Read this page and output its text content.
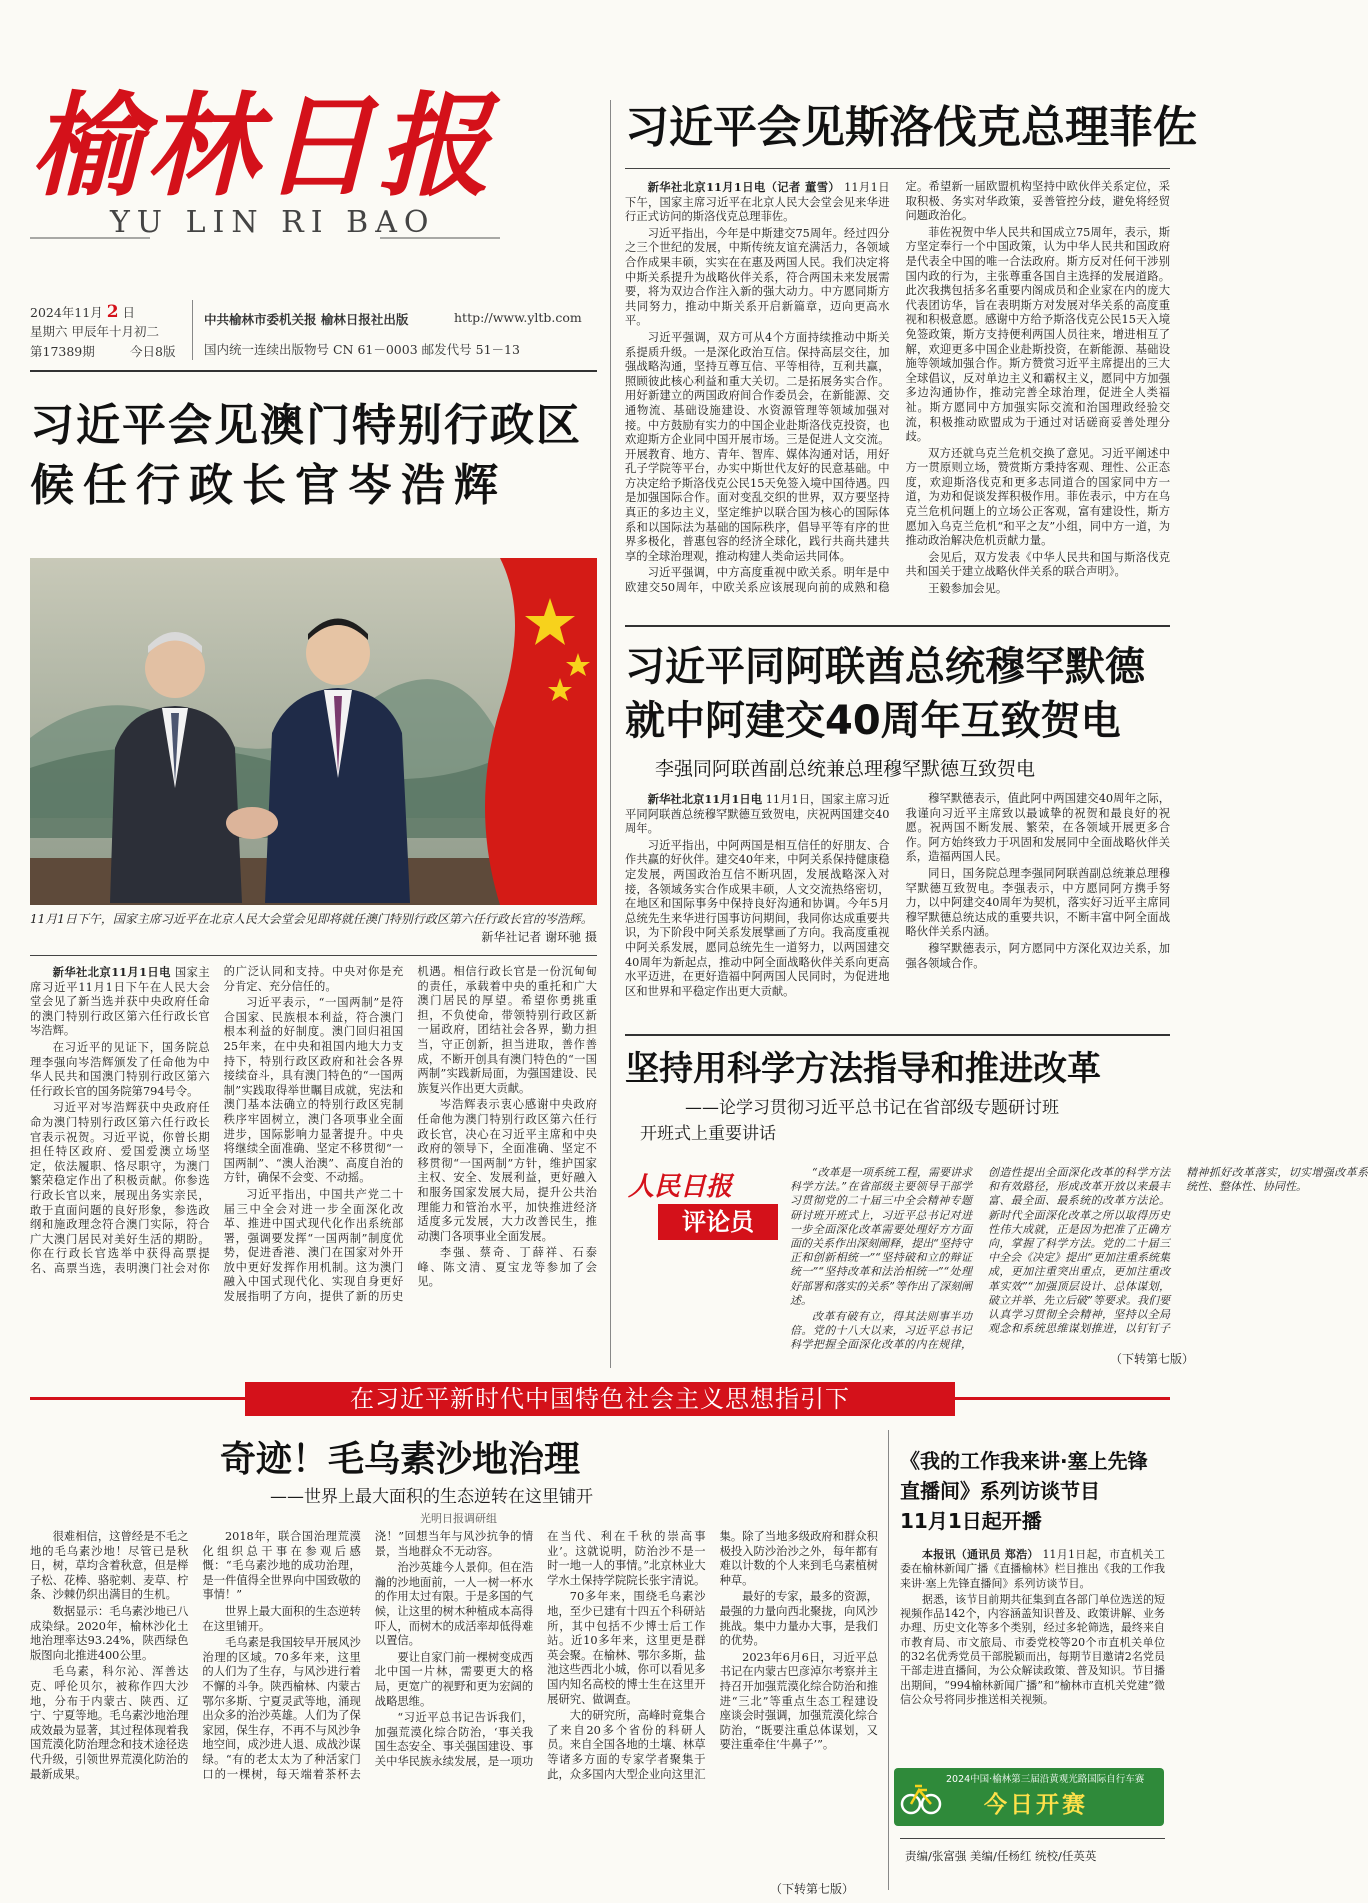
榆林日报
YU LIN RI BAO
2024年11月 2 日
星期六 甲辰年十月初二
第17389期	今日8版
中共榆林市委机关报 榆林日报社出版	http://www.yltb.com
国内统一连续出版物号 CN 61－0003 邮发代号 51－13
习近平会见斯洛伐克总理菲佐

新华社北京11月1日电（记者 董雪） 11月1日下午，国家主席习近平在北京人民大会堂会见来华进行正式访问的斯洛伐克总理菲佐。

习近平指出，今年是中斯建交75周年。经过四分之三个世纪的发展，中斯传统友谊充满活力，各领域合作成果丰硕，实实在在惠及两国人民。我们决定将中斯关系提升为战略伙伴关系，符合两国未来发展需要，将为双边合作注入新的强大动力。中方愿同斯方共同努力，推动中斯关系开启新篇章，迈向更高水平。

习近平强调，双方可从4个方面持续推动中斯关系提质升级。一是深化政治互信。保持高层交往，加强战略沟通，坚持互尊互信、平等相待，互利共赢，照顾彼此核心利益和重大关切。二是拓展务实合作。用好新建立的两国政府间合作委员会，在新能源、交通物流、基础设施建设、水资源管理等领域加强对接。中方鼓励有实力的中国企业赴斯洛伐克投资，也欢迎斯方企业同中国开展市场。三是促进人文交流。开展教育、地方、青年、智库、媒体沟通对话，用好孔子学院等平台，办实中斯世代友好的民意基础。中方决定给予斯洛伐克公民15天免签入境中国待遇。四是加强国际合作。面对变乱交织的世界，双方要坚持真正的多边主义，坚定维护以联合国为核心的国际体系和以国际法为基础的国际秩序，倡导平等有序的世界多极化，普惠包容的经济全球化，践行共商共建共享的全球治理观，推动构建人类命运共同体。

习近平强调，中方高度重视中欧关系。明年是中欧建交50周年，中欧关系应该展现向前的成熟和稳定。希望新一届欧盟机构坚持中欧伙伴关系定位，采取积极、务实对华政策，妥善管控分歧，避免将经贸问题政治化。

菲佐祝贺中华人民共和国成立75周年，表示，斯方坚定奉行一个中国政策，认为中华人民共和国政府是代表全中国的唯一合法政府。斯方反对任何干涉别国内政的行为，主张尊重各国自主选择的发展道路。此次我携包括多名重要内阁成员和企业家在内的庞大代表团访华，旨在表明斯方对发展对华关系的高度重视和积极意愿。感谢中方给予斯洛伐克公民15天入境免签政策，斯方支持便利两国人员往来，增进相互了解，欢迎更多中国企业赴斯投资，在新能源、基础设施等领域加强合作。斯方赞赏习近平主席提出的三大全球倡议，反对单边主义和霸权主义，愿同中方加强多边沟通协作，推动完善全球治理，促进全人类福祉。斯方愿同中方加强实际交流和治国理政经验交流，积极推动欧盟成为于通过对话磋商妥善处理分歧。

双方还就乌克兰危机交换了意见。习近平阐述中方一贯原则立场，赞赏斯方秉持客观、理性、公正态度，欢迎斯洛伐克和更多志同道合的国家同中方一道，为劝和促谈发挥积极作用。菲佐表示，中方在乌克兰危机问题上的立场公正客观，富有建设性，斯方愿加入乌克兰危机“和平之友”小组，同中方一道，为推动政治解决危机贡献力量。

会见后，双方发表《中华人民共和国与斯洛伐克共和国关于建立战略伙伴关系的联合声明》。

王毅参加会见。

习近平会见澳门特别行政区
候任行政长官岑浩辉
11月1日下午，国家主席习近平在北京人民大会堂会见即将就任澳门特别行政区第六任行政长官的岑浩辉。
新华社记者 谢环驰 摄

新华社北京11月1日电 国家主席习近平11月1日下午在人民大会堂会见了新当选并获中央政府任命的澳门特别行政区第六任行政长官岑浩辉。

在习近平的见证下，国务院总理李强向岑浩辉颁发了任命他为中华人民共和国澳门特别行政区第六任行政长官的国务院第794号令。

习近平对岑浩辉获中央政府任命为澳门特别行政区第六任行政长官表示祝贺。习近平说，你曾长期担任特区政府、爱国爱澳立场坚定，依法履职、恪尽职守，为澳门繁荣稳定作出了积极贡献。你参选行政长官以来，展现出务实亲民，敢于直面问题的良好形象，参选政纲和施政理念符合澳门实际，符合广大澳门居民对美好生活的期盼。你在行政长官选举中获得高票提名、高票当选，表明澳门社会对你的广泛认同和支持。中央对你是充分肯定、充分信任的。

习近平表示，“一国两制”是符合国家、民族根本利益，符合澳门根本利益的好制度。澳门回归祖国25年来，在中央和祖国内地大力支持下，特别行政区政府和社会各界接续奋斗，具有澳门特色的“一国两制”实践取得举世瞩目成就，宪法和澳门基本法确立的特别行政区宪制秩序牢固树立，澳门各项事业全面进步，国际影响力显著提升。中央将继续全面准确、坚定不移贯彻“一国两制”、“澳人治澳”、高度自治的方针，确保不会变、不动摇。

习近平指出，中国共产党二十届三中全会对进一步全面深化改革、推进中国式现代化作出系统部署，强调要发挥“一国两制”制度优势，促进香港、澳门在国家对外开放中更好发挥作用机制。这为澳门融入中国式现代化、实现自身更好发展指明了方向，提供了新的历史机遇。相信行政长官是一份沉甸甸的责任，承载着中央的重托和广大澳门居民的厚望。希望你勇挑重担，不负使命，带领特别行政区新一届政府，团结社会各界，勤力担当，守正创新，担当进取，善作善成，不断开创具有澳门特色的“一国两制”实践新局面，为强国建设、民族复兴作出更大贡献。

岑浩辉表示衷心感谢中央政府任命他为澳门特别行政区第六任行政长官，决心在习近平主席和中央政府的领导下，全面准确、坚定不移贯彻“一国两制”方针，维护国家主权、安全、发展利益，更好融入和服务国家发展大局，提升公共治理能力和管治水平，加快推进经济适度多元发展，大力改善民生，推动澳门各项事业全面发展。

李强、蔡奇、丁薛祥、石泰峰、陈文清、夏宝龙等参加了会见。

习近平同阿联酋总统穆罕默德
就中阿建交40周年互致贺电
李强同阿联酋副总统兼总理穆罕默德互致贺电

新华社北京11月1日电 11月1日，国家主席习近平同阿联酋总统穆罕默德互致贺电，庆祝两国建交40周年。

习近平指出，中阿两国是相互信任的好朋友、合作共赢的好伙伴。建交40年来，中阿关系保持健康稳定发展，两国政治互信不断巩固，发展战略深入对接，各领域务实合作成果丰硕，人文交流热络密切，在地区和国际事务中保持良好沟通和协调。今年5月总统先生来华进行国事访问期间，我同你达成重要共识，为下阶段中阿关系发展擘画了方向。我高度重视中阿关系发展，愿同总统先生一道努力，以两国建交40周年为新起点，推动中阿全面战略伙伴关系向更高水平迈进，在更好造福中阿两国人民同时，为促进地区和世界和平稳定作出更大贡献。

穆罕默德表示，值此阿中两国建交40周年之际，我谨向习近平主席致以最诚挚的祝贺和最良好的祝愿。祝两国不断发展、繁荣，在各领域开展更多合作。阿方始终致力于巩固和发展同中全面战略伙伴关系，造福两国人民。

同日，国务院总理李强同阿联酋副总统兼总理穆罕默德互致贺电。李强表示，中方愿同阿方携手努力，以中阿建交40周年为契机，落实好习近平主席同穆罕默德总统达成的重要共识，不断丰富中阿全面战略伙伴关系内涵。

穆罕默德表示，阿方愿同中方深化双边关系，加强各领域合作。

坚持用科学方法指导和推进改革
——论学习贯彻习近平总书记在省部级专题研讨班
开班式上重要讲话
人民日报
评论员

“改革是一项系统工程，需要讲求科学方法。”在省部级主要领导干部学习贯彻党的二十届三中全会精神专题研讨班开班式上，习近平总书记对进一步全面深化改革需要处理好方方面面的关系作出深刻阐释，提出“坚持守正和创新相统一”“坚持破和立的辩证统一”“坚持改革和法治相统一”“处理好部署和落实的关系”等作出了深刻阐述。

改革有破有立，得其法则事半功倍。党的十八大以来，习近平总书记科学把握全面深化改革的内在规律，创造性提出全面深化改革的科学方法和有效路径，形成改革开放以来最丰富、最全面、最系统的改革方法论。新时代全面深化改革之所以取得历史性伟大成就，正是因为把准了正确方向，掌握了科学方法。党的二十届三中全会《决定》提出“更加注重系统集成，更加注重突出重点，更加注重改革实效”“加强顶层设计、总体谋划，破立并举、先立后破”等要求。我们要认真学习贯彻全会精神，坚持以全局观念和系统思维谋划推进，以钉钉子精神抓好改革落实，切实增强改革系统性、整体性、协同性。

（下转第七版）
在习近平新时代中国特色社会主义思想指引下
奇迹！毛乌素沙地治理
——世界上最大面积的生态逆转在这里铺开
光明日报调研组

很难相信，这曾经是不毛之地的毛乌素沙地！尽管已是秋日，树，草均含着秋意，但是榉子松、花棒、骆驼刺、麦草、柠条、沙棘仍织出满目的生机。

数据显示：毛乌素沙地已八成染绿。2020年，榆林沙化土地治理率达93.24%，陕西绿色版图向北推进400公里。

毛乌素，科尔沁、浑善达克、呼伦贝尔，被称作四大沙地，分布于内蒙古、陕西、辽宁、宁夏等地。毛乌素沙地治理成效最为显著，其过程体现着我国荒漠化防治理念和技术途径迭代升级，引领世界荒漠化防治的最新成果。

2018年，联合国治理荒漠化组织总干事在参观后感慨：“毛乌素沙地的成功治理，是一件值得全世界向中国致敬的事情！”

世界上最大面积的生态逆转在这里铺开。

毛乌素是我国较早开展风沙治理的区域。70多年来，这里的人们为了生存，与风沙进行着不懈的斗争。陕西榆林、内蒙古鄂尔多斯、宁夏灵武等地，涌现出众多的治沙英雄。人们为了保家园，保生存，不再不与风沙争地空间，成沙进人退、成战沙谋绿。“有的老太太为了种活家门口的一棵树，每天端着茶杯去浇！”回想当年与风沙抗争的情景，当地群众不无动容。

治沙英雄今人景仰。但在浩瀚的沙地面前，一人一树一杯水的作用太过有限。于是多国的气候，让这里的树木种植成本高得吓人，而树木的成活率却低得难以置信。

要让自家门前一棵树变成西北中国一片林，需要更大的格局，更宽广的视野和更为宏阔的战略思维。

“习近平总书记告诉我们，加强荒漠化综合防治，‘事关我国生态安全、事关强国建设、事关中华民族永续发展，是一项功在当代、利在千秋的崇高事业’。这就说明，防治沙不是一时一地一人的事情。”北京林业大学水土保持学院院长张宇清说。

70多年来，围绕毛乌素沙地，至少已建有十四五个科研站所，其中包括不少博士后工作站。近10多年来，这里更是群英会聚。在榆林、鄂尔多斯，盐池这些西北小城，你可以看见多国内知名高校的博士生在这里开展研究、做调查。

大的研究所，高峰时竟集合了来自20多个省份的科研人员。来自全国各地的土壤、林草等诸多方面的专家学者聚集于此，众多国内大型企业向这里汇集。除了当地多级政府和群众积极投入防沙治沙之外，每年都有难以计数的个人来到毛乌素植树种草。

最好的专家，最多的资源，最强的力量向西北聚拢，向风沙挑战。集中力量办大事，是我们的优势。

2023年6月6日，习近平总书记在内蒙古巴彦淖尔考察并主持召开加强荒漠化综合防治和推进“三北”等重点生态工程建设座谈会时强调，加强荒漠化综合防治，“既要注重总体谋划，又要注重牵住‘牛鼻子’”。

（下转第七版）
《我的工作我来讲·塞上先锋
直播间》系列访谈节目
11月1日起开播

本报讯（通讯员 郑浩） 11月1日起，市直机关工委在榆林新闻广播《直播榆林》栏目推出《我的工作我来讲·塞上先锋直播间》系列访谈节目。

据悉，该节目前期共征集到直各部门单位选送的短视频作品142个，内容涵盖知识普及、政策讲解、业务办理、历史文化等多个类别，经过多轮筛选，最终来自市教育局、市文旅局、市委党校等20个市直机关单位的32名优秀党员干部脱颖而出，每期节目邀请2名党员干部走进直播间，为公众解读政策、普及知识。节目播出期间，“994榆林新闻广播”和“榆林市直机关党建”微信公众号将同步推送相关视频。

2024中国·榆林第三届沿黄观光路国际自行车赛
今日开赛
责编/张富强 美编/任杨红 统校/任英英
